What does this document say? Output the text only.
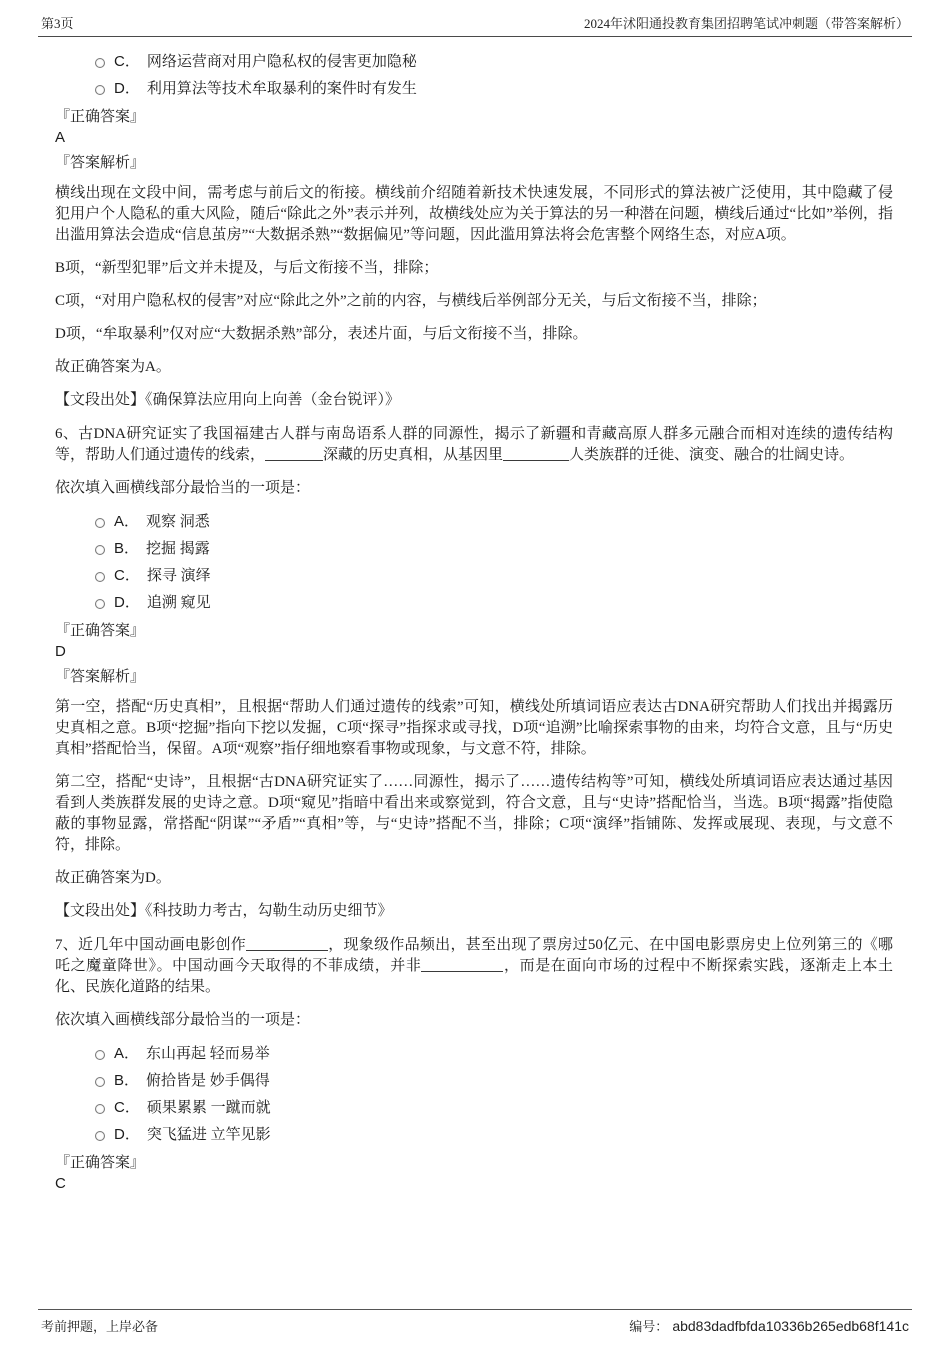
第3页	2024年沭阳通投教育集团招聘笔试冲刺题（带答案解析）
C． 网络运营商对用户隐私权的侵害更加隐秘
D． 利用算法等技术牟取暴利的案件时有发生
『正确答案』
A
『答案解析』

横线出现在文段中间，需考虑与前后文的衔接。横线前介绍随着新技术快速发展，不同形式的算法被广泛使用，其中隐藏了侵犯用户个人隐私的重大风险，随后“除此之外”表示并列，故横线处应为关于算法的另一种潜在问题，横线后通过“比如”举例，指出滥用算法会造成“信息茧房”“大数据杀熟”“数据偏见”等问题，因此滥用算法将会危害整个网络生态，对应A项。

B项，“新型犯罪”后文并未提及，与后文衔接不当，排除；

C项，“对用户隐私权的侵害”对应“除此之外”之前的内容，与横线后举例部分无关，与后文衔接不当，排除；

D项，“牟取暴利”仅对应“大数据杀熟”部分，表述片面，与后文衔接不当，排除。

故正确答案为A。

【文段出处】《确保算法应用向上向善（金台锐评）》

6、古DNA研究证实了我国福建古人群与南岛语系人群的同源性，揭示了新疆和青藏高原人群多元融合而相对连续的遗传结构等，帮助人们通过遗传的线索，	深藏的历史真相，从基因里	人类族群的迁徙、演变、融合的壮阔史诗。

依次填入画横线部分最恰当的一项是：

A． 观察 洞悉
B． 挖掘 揭露
C． 探寻 演绎
D． 追溯 窥见
『正确答案』
D
『答案解析』

第一空，搭配“历史真相”，且根据“帮助人们通过遗传的线索”可知，横线处所填词语应表达古DNA研究帮助人们找出并揭露历史真相之意。B项“挖掘”指向下挖以发掘，C项“探寻”指探求或寻找，D项“追溯”比喻探索事物的由来，均符合文意，且与“历史真相”搭配恰当，保留。A项“观察”指仔细地察看事物或现象，与文意不符，排除。

第二空，搭配“史诗”，且根据“古DNA研究证实了……同源性，揭示了……遗传结构等”可知，横线处所填词语应表达通过基因看到人类族群发展的史诗之意。D项“窥见”指暗中看出来或察觉到，符合文意，且与“史诗”搭配恰当，当选。B项“揭露”指使隐蔽的事物显露，常搭配“阴谋”“矛盾”“真相”等，与“史诗”搭配不当，排除；C项“演绎”指铺陈、发挥或展现、表现，与文意不符，排除。

故正确答案为D。

【文段出处】《科技助力考古，勾勒生动历史细节》

7、近几年中国动画电影创作	，现象级作品频出，甚至出现了票房过50亿元、在中国电影票房史上位列第三的《哪吒之魔童降世》。中国动画今天取得的不菲成绩，并非	，而是在面向市场的过程中不断探索实践，逐渐走上本土化、民族化道路的结果。

依次填入画横线部分最恰当的一项是：

A． 东山再起 轻而易举
B． 俯拾皆是 妙手偶得
C． 硕果累累 一蹴而就
D． 突飞猛进 立竿见影
『正确答案』
C
考前押题，上岸必备	编号： abd83dadfbfda10336b265edb68f141c
